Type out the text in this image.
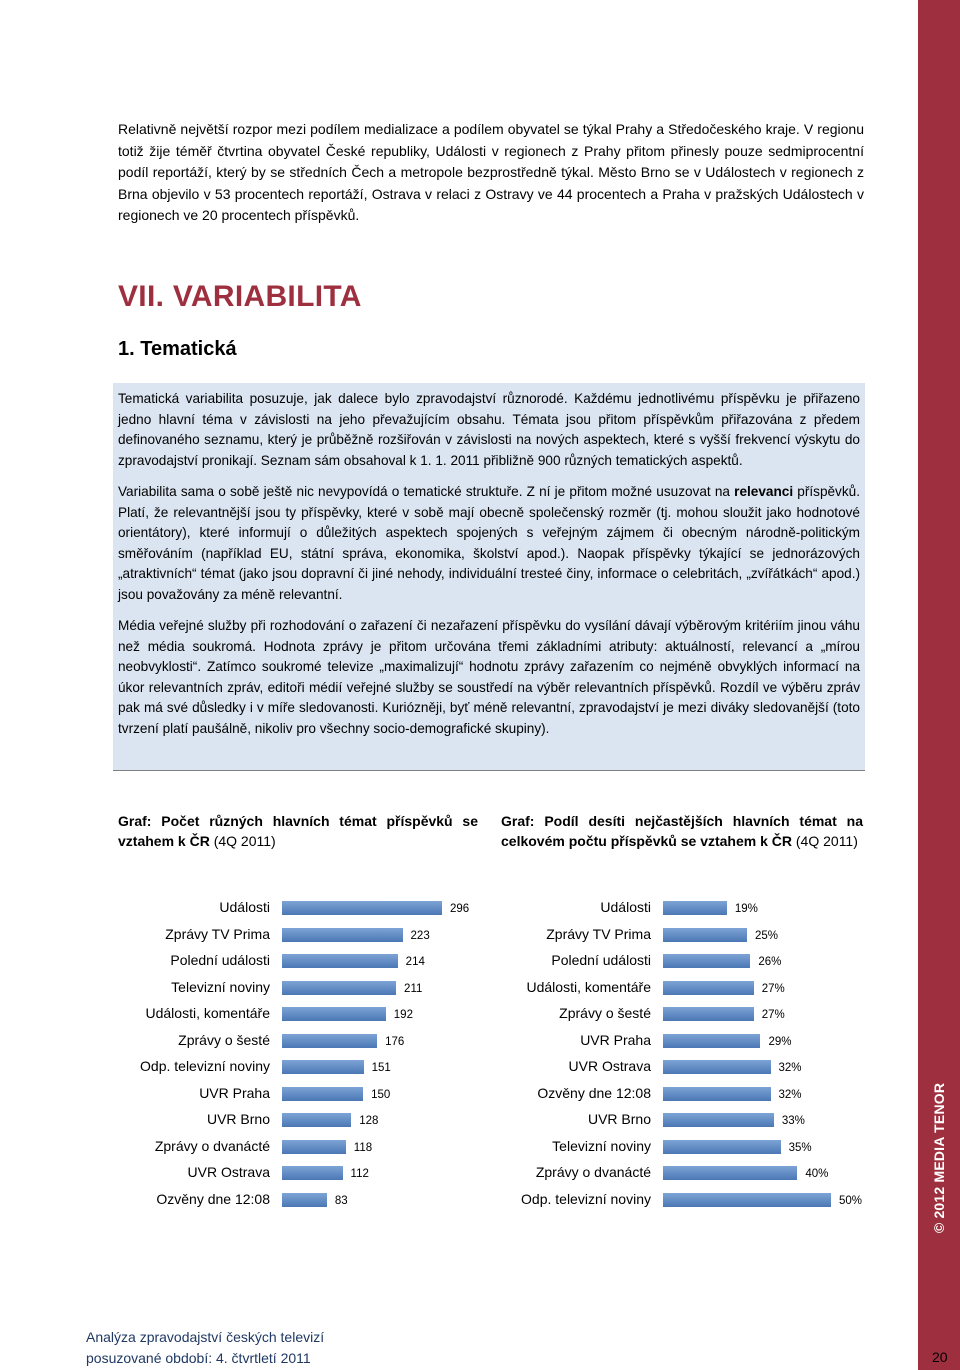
© 2012 MEDIA TENOR

Relativně největší rozpor mezi podílem medializace a podílem obyvatel se týkal Prahy a Středočeského kraje. V regionu totiž žije téměř čtvrtina obyvatel České republiky, Události v regionech z Prahy přitom přinesly pouze sedmiprocentní podíl reportáží, který by se středních Čech a metropole bezprostředně týkal. Město Brno se v Událostech v regionech z Brna objevilo v 53 procentech reportáží, Ostrava v relaci z Ostravy ve 44 procentech a Praha v pražských Událostech v regionech ve 20 procentech příspěvků.

VII. VARIABILITA
1. Tematická

Tematická variabilita posuzuje, jak dalece bylo zpravodajství různorodé. Každému jednotlivému příspěvku je přiřazeno jedno hlavní téma v závislosti na jeho převažujícím obsahu. Témata jsou přitom příspěvkům přiřazována z předem definovaného seznamu, který je průběžně rozšiřován v závislosti na nových aspektech, které s vyšší frekvencí výskytu do zpravodajství pronikají. Seznam sám obsahoval k 1. 1. 2011 přibližně 900 různých tematických aspektů.

Variabilita sama o sobě ještě nic nevypovídá o tematické struktuře. Z ní je přitom možné usuzovat na relevanci příspěvků. Platí, že relevantnější jsou ty příspěvky, které v sobě mají obecně společenský rozměr (tj. mohou sloužit jako hodnotové orientátory), které informují o důležitých aspektech spojených s veřejným zájmem či obecným národně-politickým směřováním (například EU, státní správa, ekonomika, školství apod.). Naopak příspěvky týkající se jednorázových „atraktivních“ témat (jako jsou dopravní či jiné nehody, individuální tresteé činy, informace o celebritách, „zvířátkách“ apod.) jsou považovány za méně relevantní.

Média veřejné služby při rozhodování o zařazení či nezařazení příspěvku do vysílání dávají výběrovým kritériím jinou váhu než média soukromá. Hodnota zprávy je přitom určována třemi základními atributy: aktuálností, relevancí a „mírou neobvyklosti“. Zatímco soukromé televize „maximalizují“ hodnotu zprávy zařazením co nejméně obvyklých informací na úkor relevantních zpráv, editoři médií veřejné služby se soustředí na výběr relevantních příspěvků. Rozdíl ve výběru zpráv pak má své důsledky i v míře sledovanosti. Kuriózněji, byť méně relevantní, zpravodajství je mezi diváky sledovanější (toto tvrzení platí paušálně, nikoliv pro všechny socio-demografické skupiny).

Graf: Počet různých hlavních témat příspěvků se vztahem k ČR (4Q 2011)

Graf: Podíl desíti nejčastějších hlavních témat na celkovém počtu příspěvků se vztahem k ČR (4Q 2011)

Události	296
Zprávy TV Prima	223
Polední události	214
Televizní noviny	211
Události, komentáře	192
Zprávy o šesté	176
Odp. televizní noviny	151
UVR Praha	150
UVR Brno	128
Zprávy o dvanácté	118
UVR Ostrava	112
Ozvěny dne 12:08	83
Události	19%
Zprávy TV Prima	25%
Polední události	26%
Události, komentáře	27%
Zprávy o šesté	27%
UVR Praha	29%
UVR Ostrava	32%
Ozvěny dne 12:08	32%
UVR Brno	33%
Televizní noviny	35%
Zprávy o dvanácté	40%
Odp. televizní noviny	50%
Analýza zpravodajství českých televizí
posuzované období: 4. čtvrtletí 2011	20
